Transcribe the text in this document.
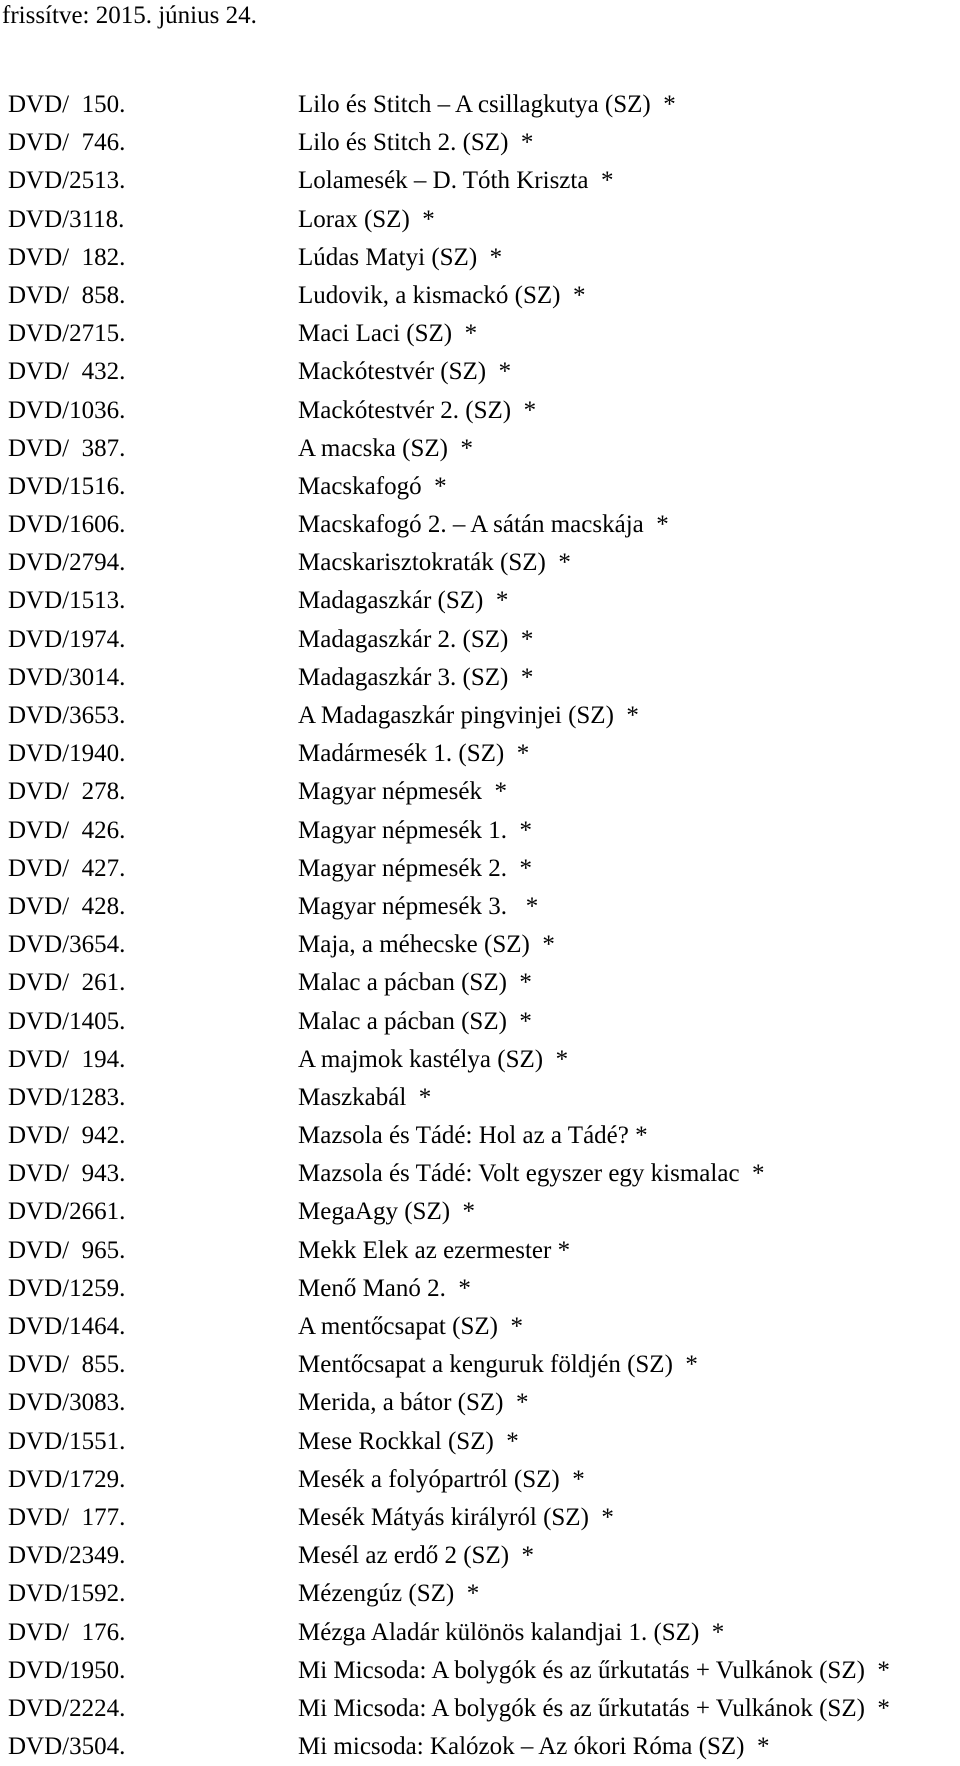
frissítve: 2015. június 24.
DVD/  150.	Lilo és Stitch – A csillagkutya (SZ)  *
DVD/  746.	Lilo és Stitch 2. (SZ)  *
DVD/2513.	Lolamesék – D. Tóth Kriszta  *
DVD/3118.	Lorax (SZ)  *
DVD/  182.	Lúdas Matyi (SZ)  *
DVD/  858.	Ludovik, a kismackó (SZ)  *
DVD/2715.	Maci Laci (SZ)  *
DVD/  432.	Mackótestvér (SZ)  *
DVD/1036.	Mackótestvér 2. (SZ)  *
DVD/  387.	A macska (SZ)  *
DVD/1516.	Macskafogó  *
DVD/1606.	Macskafogó 2. – A sátán macskája  *
DVD/2794.	Macskarisztokraták (SZ)  *
DVD/1513.	Madagaszkár (SZ)  *
DVD/1974.	Madagaszkár 2. (SZ)  *
DVD/3014.	Madagaszkár 3. (SZ)  *
DVD/3653.	A Madagaszkár pingvinjei (SZ)  *
DVD/1940.	Madármesék 1. (SZ)  *
DVD/  278.	Magyar népmesék  *
DVD/  426.	Magyar népmesék 1.  *
DVD/  427.	Magyar népmesék 2.  *
DVD/  428.	Magyar népmesék 3.   *
DVD/3654.	Maja, a méhecske (SZ)  *
DVD/  261.	Malac a pácban (SZ)  *
DVD/1405.	Malac a pácban (SZ)  *
DVD/  194.	A majmok kastélya (SZ)  *
DVD/1283.	Maszkabál  *
DVD/  942.	Mazsola és Tádé: Hol az a Tádé? *
DVD/  943.	Mazsola és Tádé: Volt egyszer egy kismalac  *
DVD/2661.	MegaAgy (SZ)  *
DVD/  965.	Mekk Elek az ezermester *
DVD/1259.	Menő Manó 2.  *
DVD/1464.	A mentőcsapat (SZ)  *
DVD/  855.	Mentőcsapat a kenguruk földjén (SZ)  *
DVD/3083.	Merida, a bátor (SZ)  *
DVD/1551.	Mese Rockkal (SZ)  *
DVD/1729.	Mesék a folyópartról (SZ)  *
DVD/  177.	Mesék Mátyás királyról (SZ)  *
DVD/2349.	Mesél az erdő 2 (SZ)  *
DVD/1592.	Mézengúz (SZ)  *
DVD/  176.	Mézga Aladár különös kalandjai 1. (SZ)  *
DVD/1950.	Mi Micsoda: A bolygók és az űrkutatás + Vulkánok (SZ)  *
DVD/2224.	Mi Micsoda: A bolygók és az űrkutatás + Vulkánok (SZ)  *
DVD/3504.	Mi micsoda: Kalózok – Az ókori Róma (SZ)  *
